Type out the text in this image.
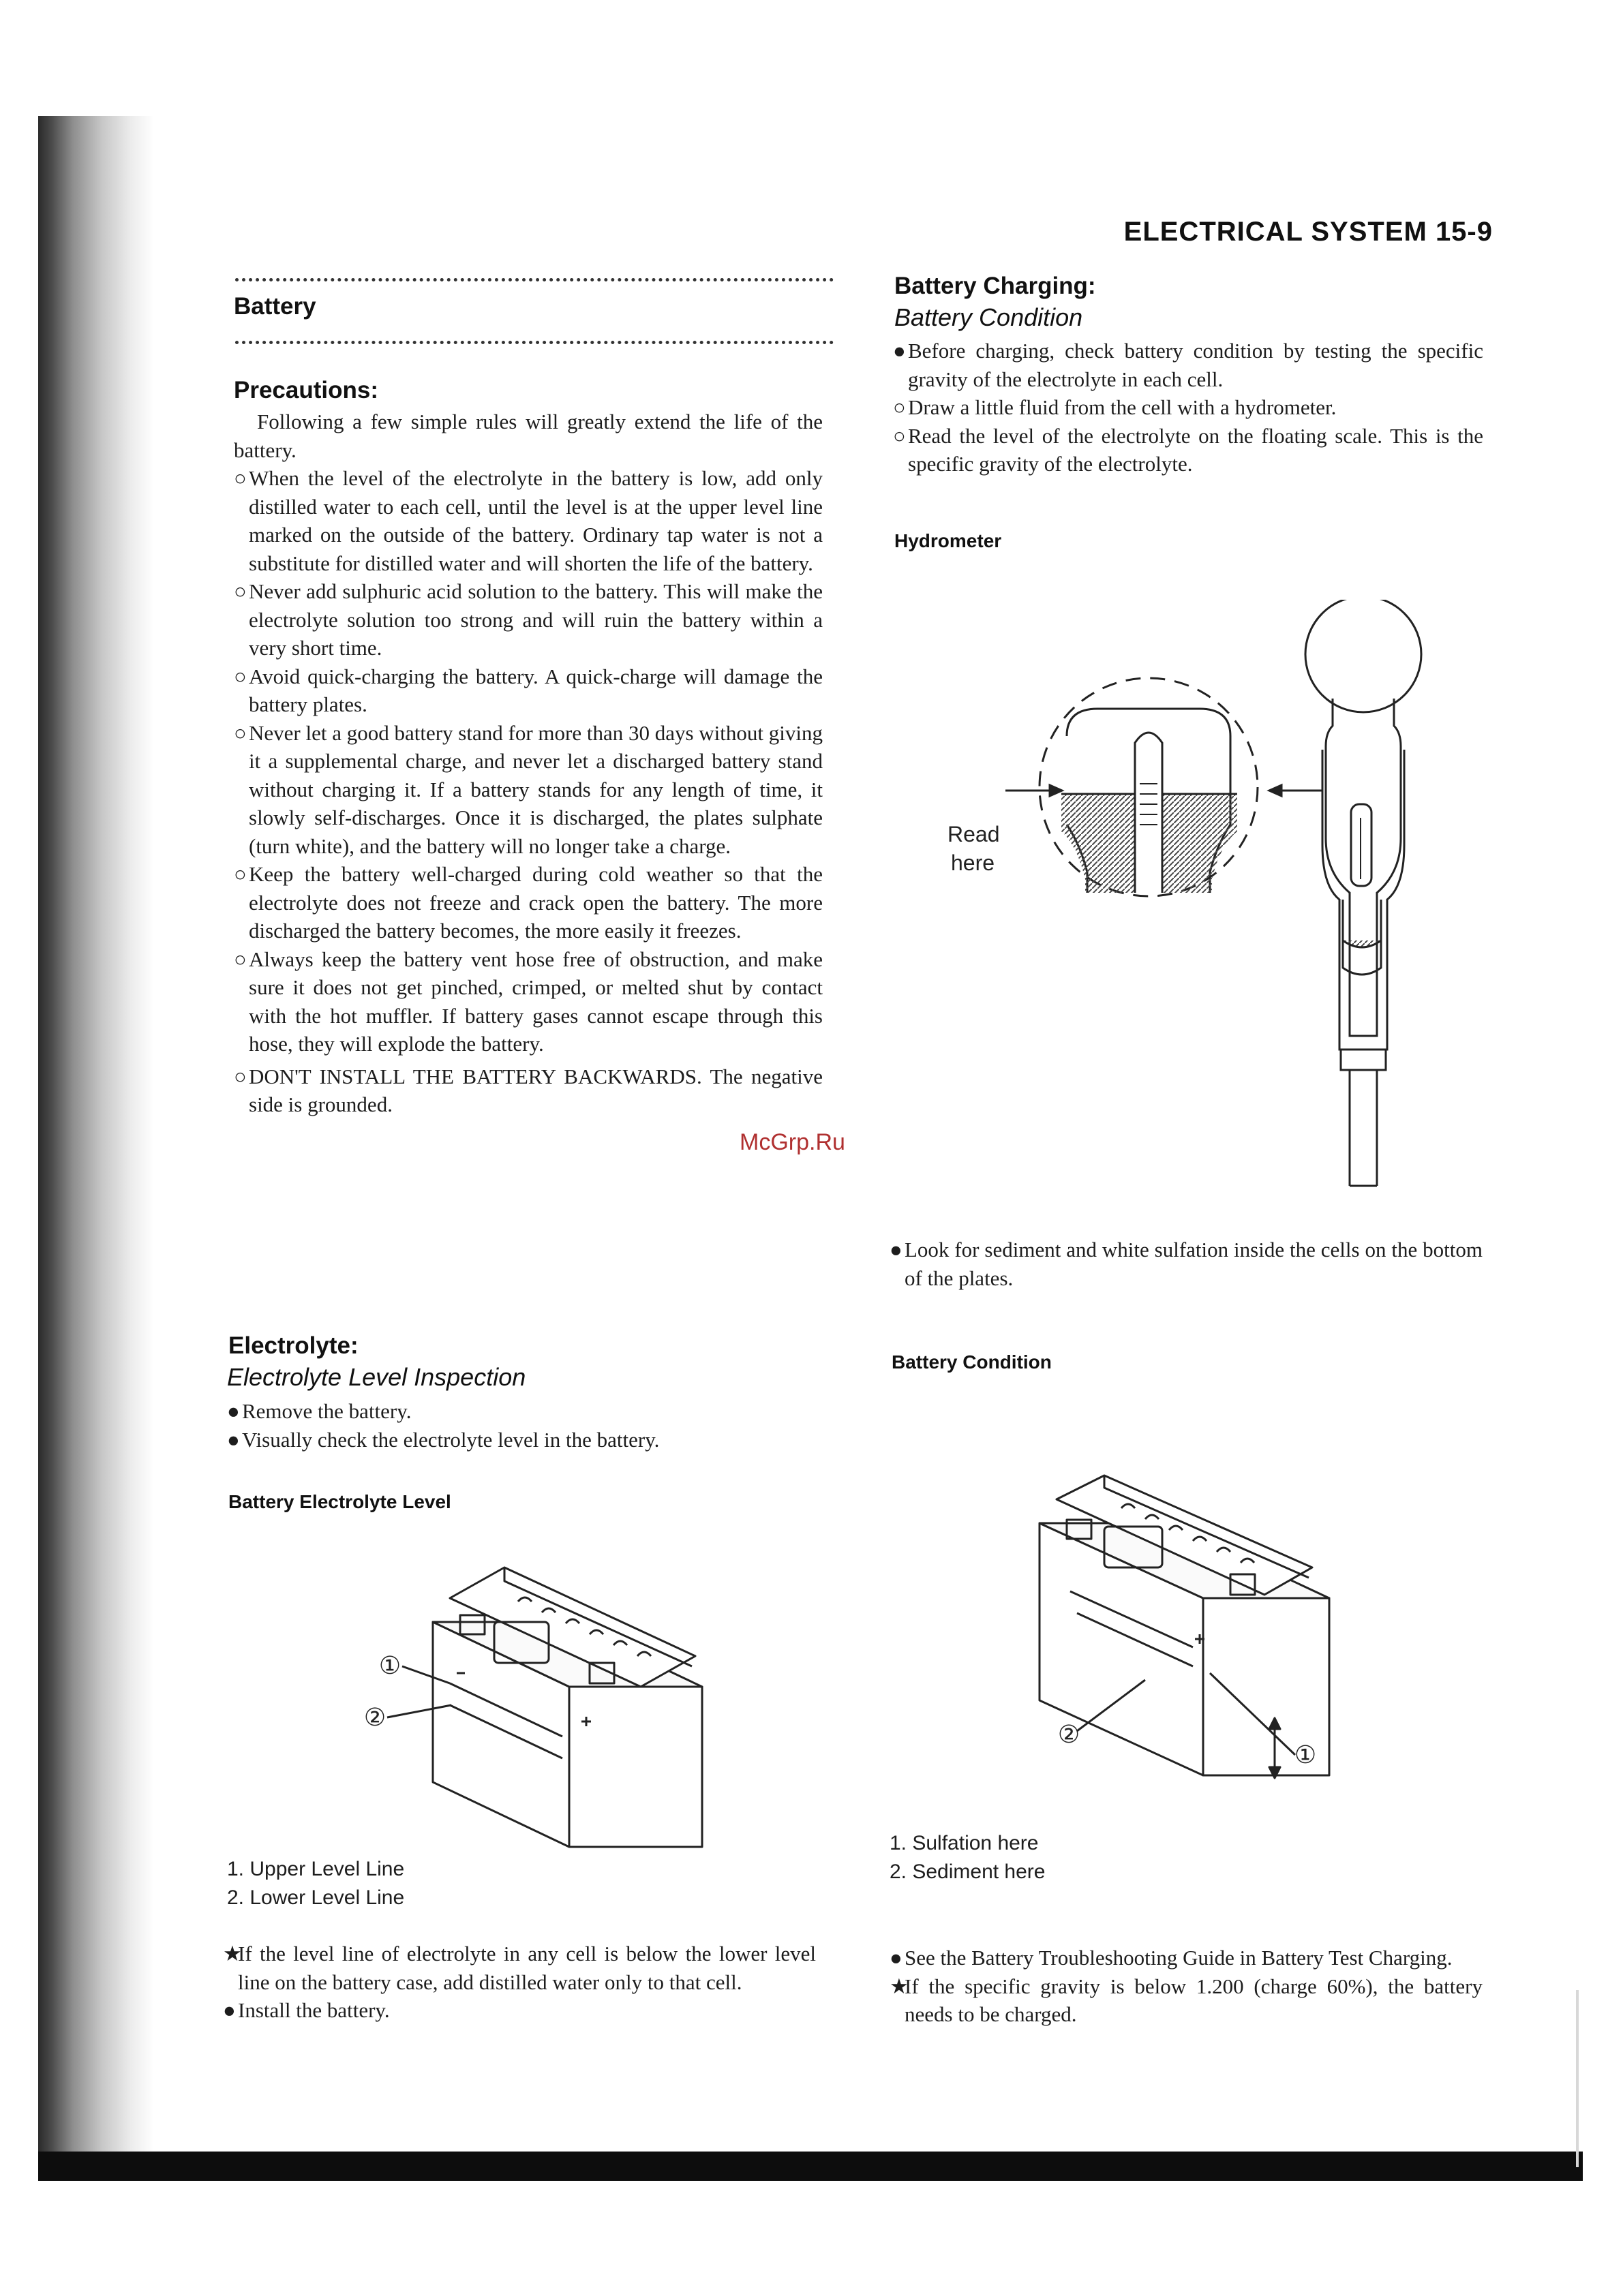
ELECTRICAL SYSTEM 15-9
Battery
Precautions:

Following a few simple rules will greatly extend the life of the battery.

○ When the level of the electrolyte in the battery is low, add only distilled water to each cell, until the level is at the upper level line marked on the outside of the battery. Ordinary tap water is not a substitute for distilled water and will shorten the life of the battery.
○ Never add sulphuric acid solution to the battery. This will make the electrolyte solution too strong and will ruin the battery within a very short time.
○ Avoid quick-charging the battery. A quick-charge will damage the battery plates.
○ Never let a good battery stand for more than 30 days without giving it a supplemental charge, and never let a discharged battery stand without charging it. If a battery stands for any length of time, it slowly self-discharges. Once it is discharged, the plates sulphate (turn white), and the battery will no longer take a charge.
○ Keep the battery well-charged during cold weather so that the electrolyte does not freeze and crack open the battery. The more discharged the battery becomes, the more easily it freezes.
○ Always keep the battery vent hose free of obstruction, and make sure it does not get pinched, crimped, or melted shut by contact with the hot muffler. If battery gases cannot escape through this hose, they will explode the battery.
○ DON'T INSTALL THE BATTERY BACKWARDS. The negative side is grounded.
Electrolyte:
Electrolyte Level Inspection
● Remove the battery.
● Visually check the electrolyte level in the battery.
Battery Electrolyte Level
①
②
1. Upper Level Line
2. Lower Level Line
★
If the level line of electrolyte in any cell is below the lower level line on the battery case, add distilled water only to that cell.
● Install the battery.
Battery Charging:
Battery Condition
● Before charging, check battery condition by testing the specific gravity of the electrolyte in each cell.
○ Draw a little fluid from the cell with a hydrometer.
○ Read the level of the electrolyte on the floating scale. This is the specific gravity of the electrolyte.
Hydrometer
Read
here
McGrp.Ru
● Look for sediment and white sulfation inside the cells on the bottom of the plates.
Battery Condition
②
①
1. Sulfation here
2. Sediment here
● See the Battery Troubleshooting Guide in Battery Test Charging.
★
If the specific gravity is below 1.200 (charge 60%), the battery needs to be charged.
